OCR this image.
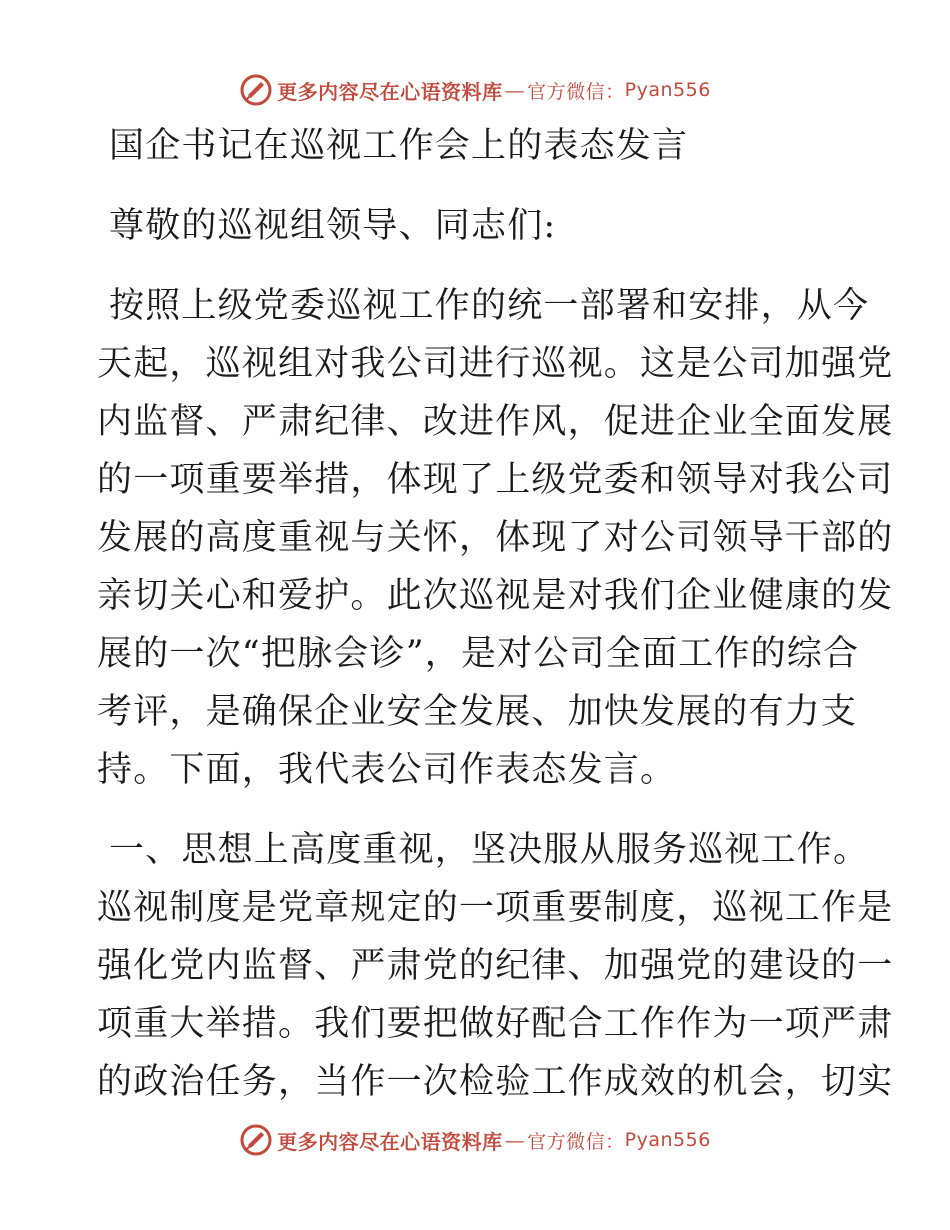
更多内容尽在心语资料库 — 官方微信： Pyan556
国企书记在巡视工作会上的表态发言
尊敬的巡视组领导、同志们:
按照上级党委巡视工作的统一部署和安排，从今
天起，巡视组对我公司进行巡视。这是公司加强党
内监督、严肃纪律、改进作风，促进企业全面发展
的一项重要举措，体现了上级党委和领导对我公司
发展的高度重视与关怀，体现了对公司领导干部的
亲切关心和爱护。此次巡视是对我们企业健康的发
展的一次“把脉会诊”，是对公司全面工作的综合
考评，是确保企业安全发展、加快发展的有力支
持。下面，我代表公司作表态发言。
一、思想上高度重视，坚决服从服务巡视工作。
巡视制度是党章规定的一项重要制度，巡视工作是
强化党内监督、严肃党的纪律、加强党的建设的一
项重大举措。我们要把做好配合工作作为一项严肃
的政治任务，当作一次检验工作成效的机会，切实
更多内容尽在心语资料库 — 官方微信： Pyan556
